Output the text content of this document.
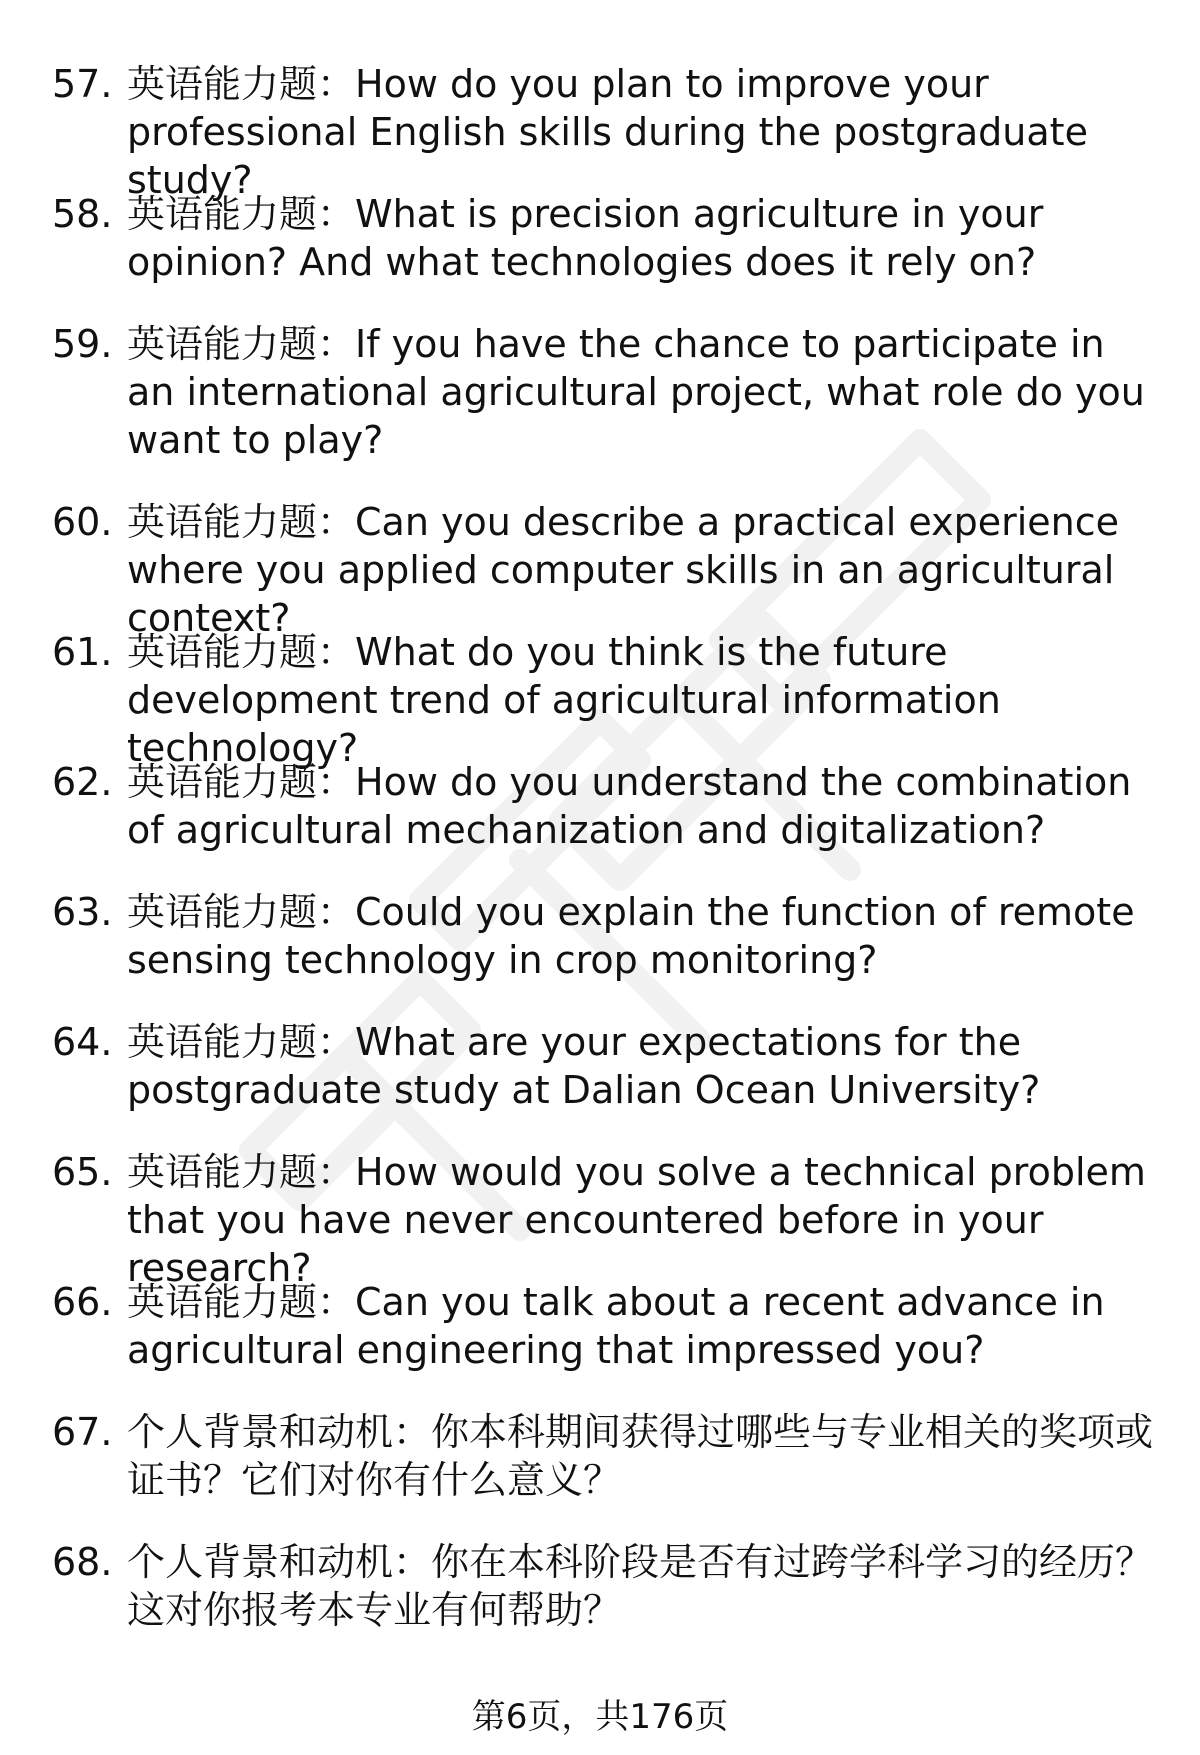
57. 英语能力题：How do you plan to improve your professional English skills during the postgraduate study?
58. 英语能力题：What is precision agriculture in your opinion? And what technologies does it rely on?
59. 英语能力题：If you have the chance to participate in an international agricultural project, what role do you want to play?
60. 英语能力题：Can you describe a practical experience where you applied computer skills in an agricultural context?
61. 英语能力题：What do you think is the future development trend of agricultural information technology?
62. 英语能力题：How do you understand the combination of agricultural mechanization and digitalization?
63. 英语能力题：Could you explain the function of remote sensing technology in crop monitoring?
64. 英语能力题：What are your expectations for the postgraduate study at Dalian Ocean University?
65. 英语能力题：How would you solve a technical problem that you have never encountered before in your research?
66. 英语能力题：Can you talk about a recent advance in agricultural engineering that impressed you?
67. 个人背景和动机：你本科期间获得过哪些与专业相关的奖项或证书？它们对你有什么意义？
68. 个人背景和动机：你在本科阶段是否有过跨学科学习的经历？这对你报考本专业有何帮助？
第6页，共176页
